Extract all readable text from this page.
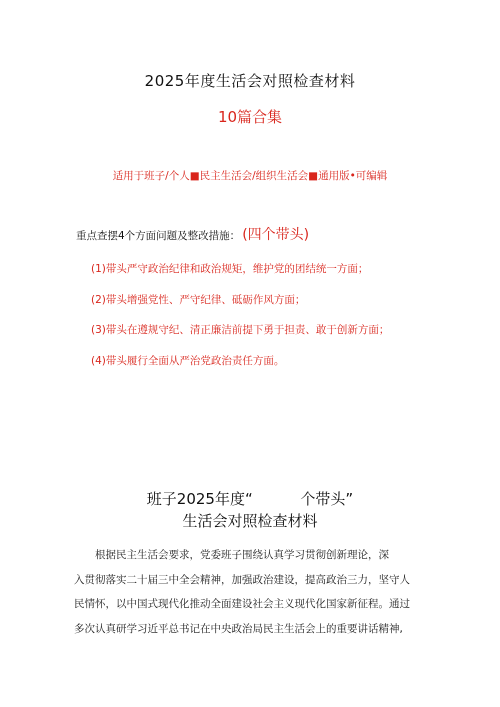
2025年度生活会对照检查材料
10篇合集
适用于班子/个人■民主生活会/组织生活会■通用版•可编辑
重点查摆4个方面问题及整改措施： (四个带头)
(1)带头严守政治纪律和政治规矩，维护党的团结统一方面；
(2)带头增强党性、严守纪律、砥砺作风方面；
(3)带头在遵规守纪、清正廉洁前提下勇于担责、敢于创新方面；
(4)带头履行全面从严治党政治责任方面。
班子2025年度“          个带头”
生活会对照检查材料
根据民主生活会要求，党委班子围绕认真学习贯彻创新理论，深
入贯彻落实二十届三中全会精神，加强政治建设，提高政治三力，坚守人
民情怀，以中国式现代化推动全面建设社会主义现代化国家新征程。通过
多次认真研学习近平总书记在中央政治局民主生活会上的重要讲话精神,
